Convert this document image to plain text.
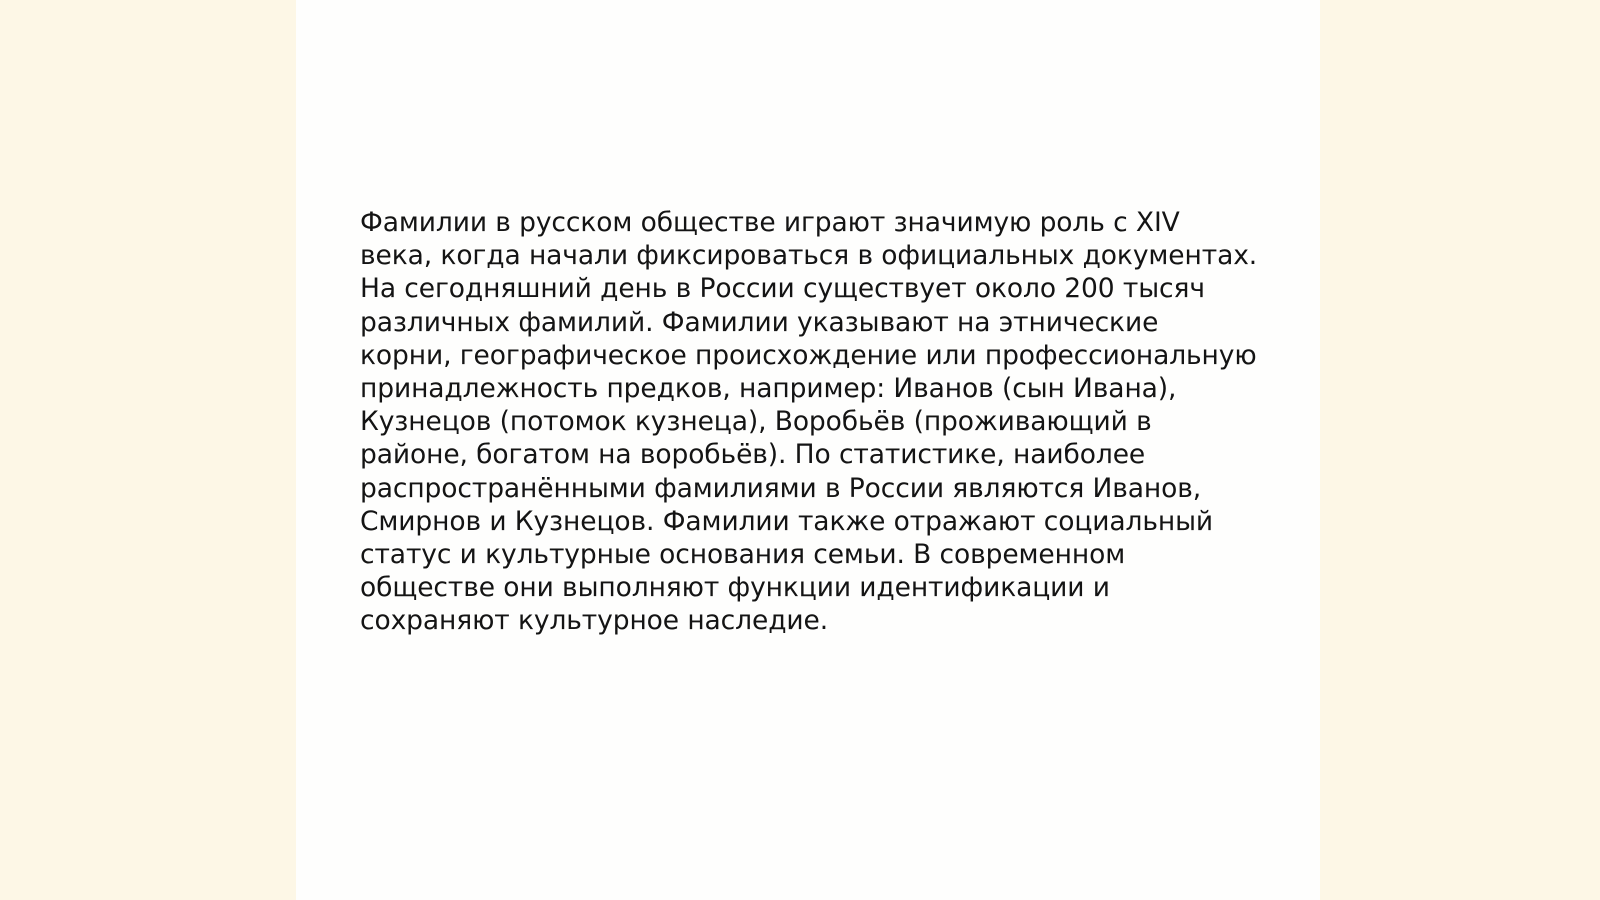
Фамилии в русском обществе играют значимую роль с XIV
века, когда начали фиксироваться в официальных документах.
На сегодняшний день в России существует около 200 тысяч
различных фамилий. Фамилии указывают на этнические
корни, географическое происхождение или профессиональную
принадлежность предков, например: Иванов (сын Ивана),
Кузнецов (потомок кузнеца), Воробьёв (проживающий в
районе, богатом на воробьёв). По статистике, наиболее
распространёнными фамилиями в России являются Иванов,
Смирнов и Кузнецов. Фамилии также отражают социальный
статус и культурные основания семьи. В современном
обществе они выполняют функции идентификации и
сохраняют культурное наследие.
